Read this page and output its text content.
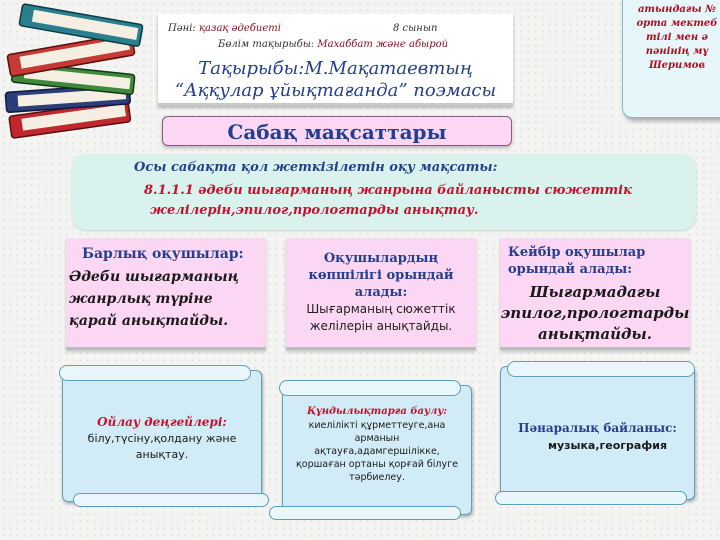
Пәні: қазақ әдебиеті	8 сынып
Бөлім тақырыбы: Махаббат және абырой
Тақырыбы:М.Мақатаевтың
“Аққулар ұйықтағанда” поэмасы
атындағы №
орта мектеб
тілі мен ә
пәнінің мұ
Шеримов
Сабақ мақсаттары
Осы сабақта қол жеткізілетін оқу мақсаты:
8.1.1.1 әдеби шығарманың жанрына байланысты сюжеттік
желілерін,эпилог,прологтарды анықтау.
Барлық оқушылар:
Әдеби шығарманың
жанрлық түріне
қарай анықтайды.
Оқушылардың
көпшілігі орындай
алады:
Шығарманың сюжеттік
желілерін анықтайды.
Кейбір оқушылар
орындай алады:
Шығармадағы
эпилог,прологтарды
анықтайды.
Ойлау деңгейлері:
білу,түсіну,қолдану және
анықтау.
Құндылықтарға баулу:
киелілікті құрметтеуге,ана
арманын
ақтауға,адамгершілікке,
қоршаған ортаны қорғай білуге
тәрбиелеу.
Пәнаралық байланыс:
музыка,география
